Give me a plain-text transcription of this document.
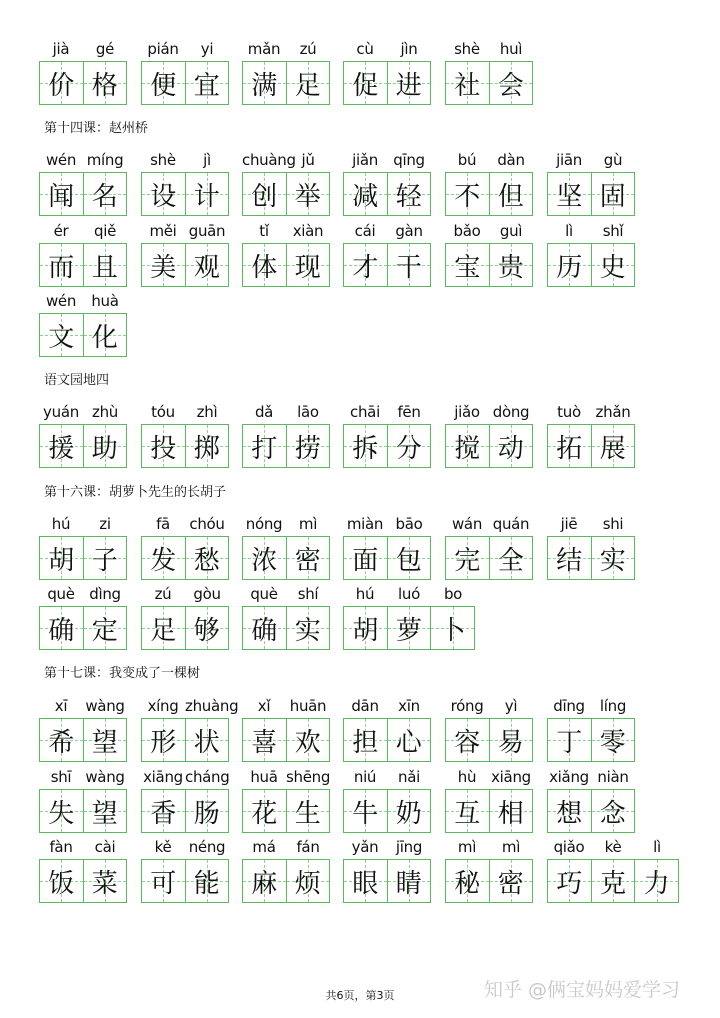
第十四课：赵州桥
语文园地四
第十六课：胡萝卜先生的长胡子
第十七课：我变成了一棵树
共6页，第3页	知乎 @俩宝妈妈爱学习
jià	gé
价 格
pián	yi
便 宜
mǎn	zú
满 足
cù	jìn
促 进
shè	huì
社 会
wén míng
闻 名
shè	jì
设 计
chuàng jǔ
创 举
jiǎn	qīng
减 轻
bú	dàn
不 但
jiān	gù
坚 固
ér	qiě
而 且
měi guān
美 观
tǐ	xiàn
体 现
cái	gàn
才 干
bǎo	guì
宝 贵
lì	shǐ
历 史
wén	huà
文 化
yuán zhù
援 助
tóu	zhì
投 掷
dǎ	lāo
打 捞
chāi	fēn
拆 分
jiǎo dòng
搅 动
tuò zhǎn
拓 展
hú	zi
胡 子
fā	chóu
发 愁
nóng	mì
浓 密
miàn bāo
面 包
wán quán
完 全
jiē	shi
结 实
què dìng
确 定
zú	gòu
足 够
què	shí
确 实
hú	luó	bo
胡 萝 卜
xī	wàng
希 望
xíng zhuàng
形 状
xǐ	huān
喜 欢
dān	xīn
担 心
róng	yì
容 易
dīng	líng
丁 零
shī wàng
失 望
xiāng cháng
香 肠
huā shēng
花 生
niú	nǎi
牛 奶
hù xiāng
互 相
xiǎng niàn
想 念
fàn	cài
饭 菜
kě	néng
可 能
má	fán
麻 烦
yǎn	jīng
眼 睛
mì	mì
秘 密
qiǎo	kè	lì
巧 克 力
